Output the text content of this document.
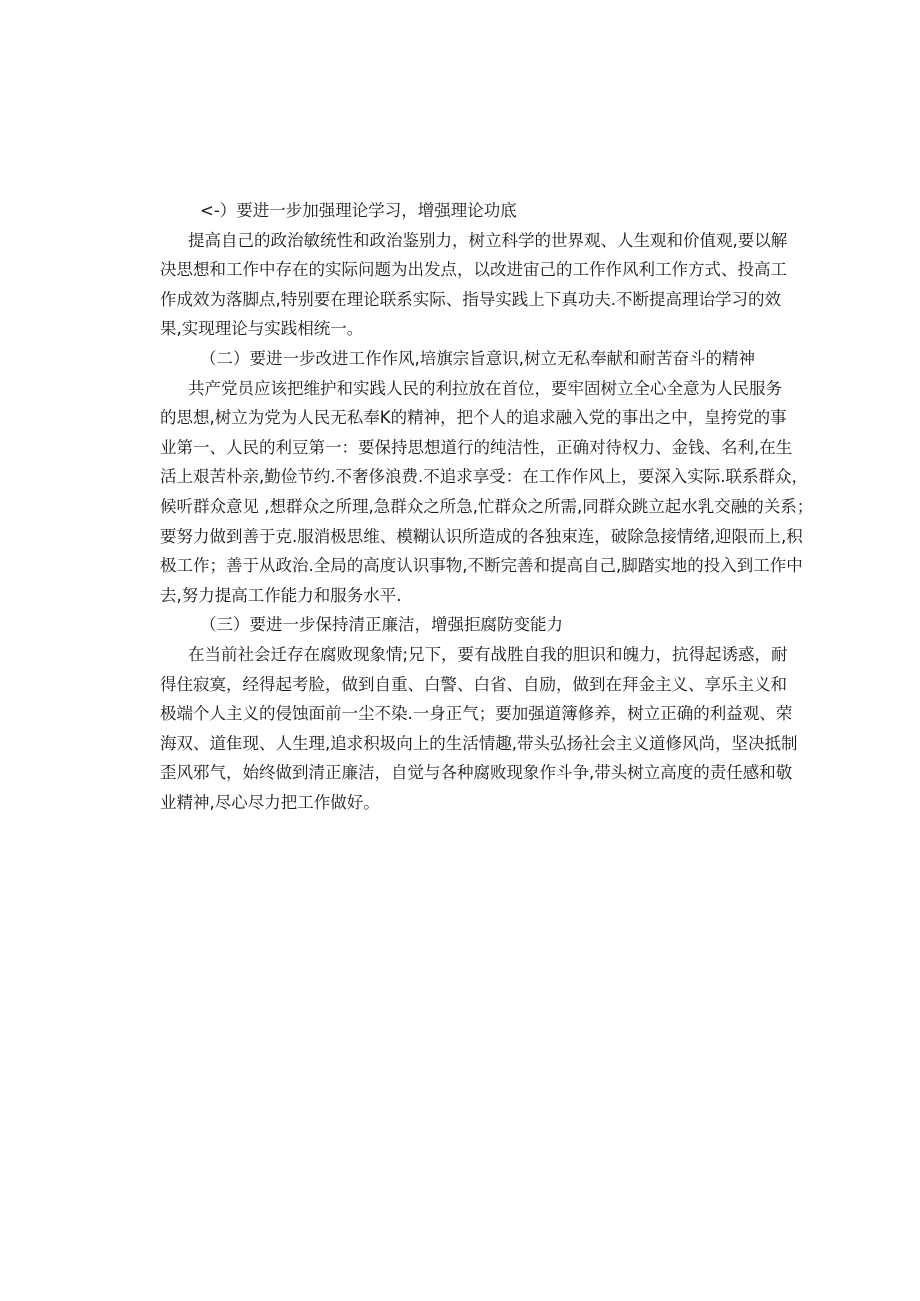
<-）要进一步加强理论学习，增强理论功底
提高自己的政治敏统性和政治鉴别力，树立科学的世界观、人生观和价值观,要以解
决思想和工作中存在的实际问题为出发点，以改进宙己的工作作风利工作方式、投高工
作成效为落脚点,特别要在理论联系实际、指导实践上下真功夫.不断提高理诒学习的效
果,实现理论与实践相统一。
（二）要进一步改进工作作风,培旗宗旨意识,树立无私奉献和耐苦奋斗的精神
共产党员应该把维护和实践人民的利拉放在首位，要牢固树立全心全意为人民服务
的思想,树立为党为人民无私奉K的精神，把个人的追求融入党的事出之中，皇挎党的事
业第一、人民的利豆第一：要保持思想道行的纯洁性，正确对待权力、金钱、名利,在生
活上艰苦朴亲,勤俭节约.不奢侈浪费.不追求享受：在工作作风上，要深入实际.联系群众，
候听群众意见 ,想群众之所理,急群众之所急,忙群众之所需,同群众跳立起水乳交融的关系；
要努力做到善于克.服消极思维、模糊认识所造成的各独束连，破除急接情绪,迎限而上,积
极工作；善于从政治.全局的高度认识事物,不断完善和提高自己,脚踏实地的投入到工作中
去,努力提高工作能力和服务水平.
（三）要进一步保持清正廉洁，增强拒腐防变能力
在当前社会迁存在腐败现象情;兄下，要有战胜自我的胆识和魄力，抗得起诱惑，耐
得住寂寞，经得起考脸，做到自重、白警、白省、自励，做到在拜金主义、享乐主义和
极端个人主义的侵蚀面前一尘不染.一身正气；要加强道簿修养，树立正确的利益观、荣
海双、道隹现、人生理,追求积圾向上的生活情趣,带头弘扬社会主义道修风尚，坚决抵制
歪风邪气，始终做到清正廉洁，自觉与各种腐败现象作斗争,带头树立高度的责任感和敬
业精神,尽心尽力把工作做好。
